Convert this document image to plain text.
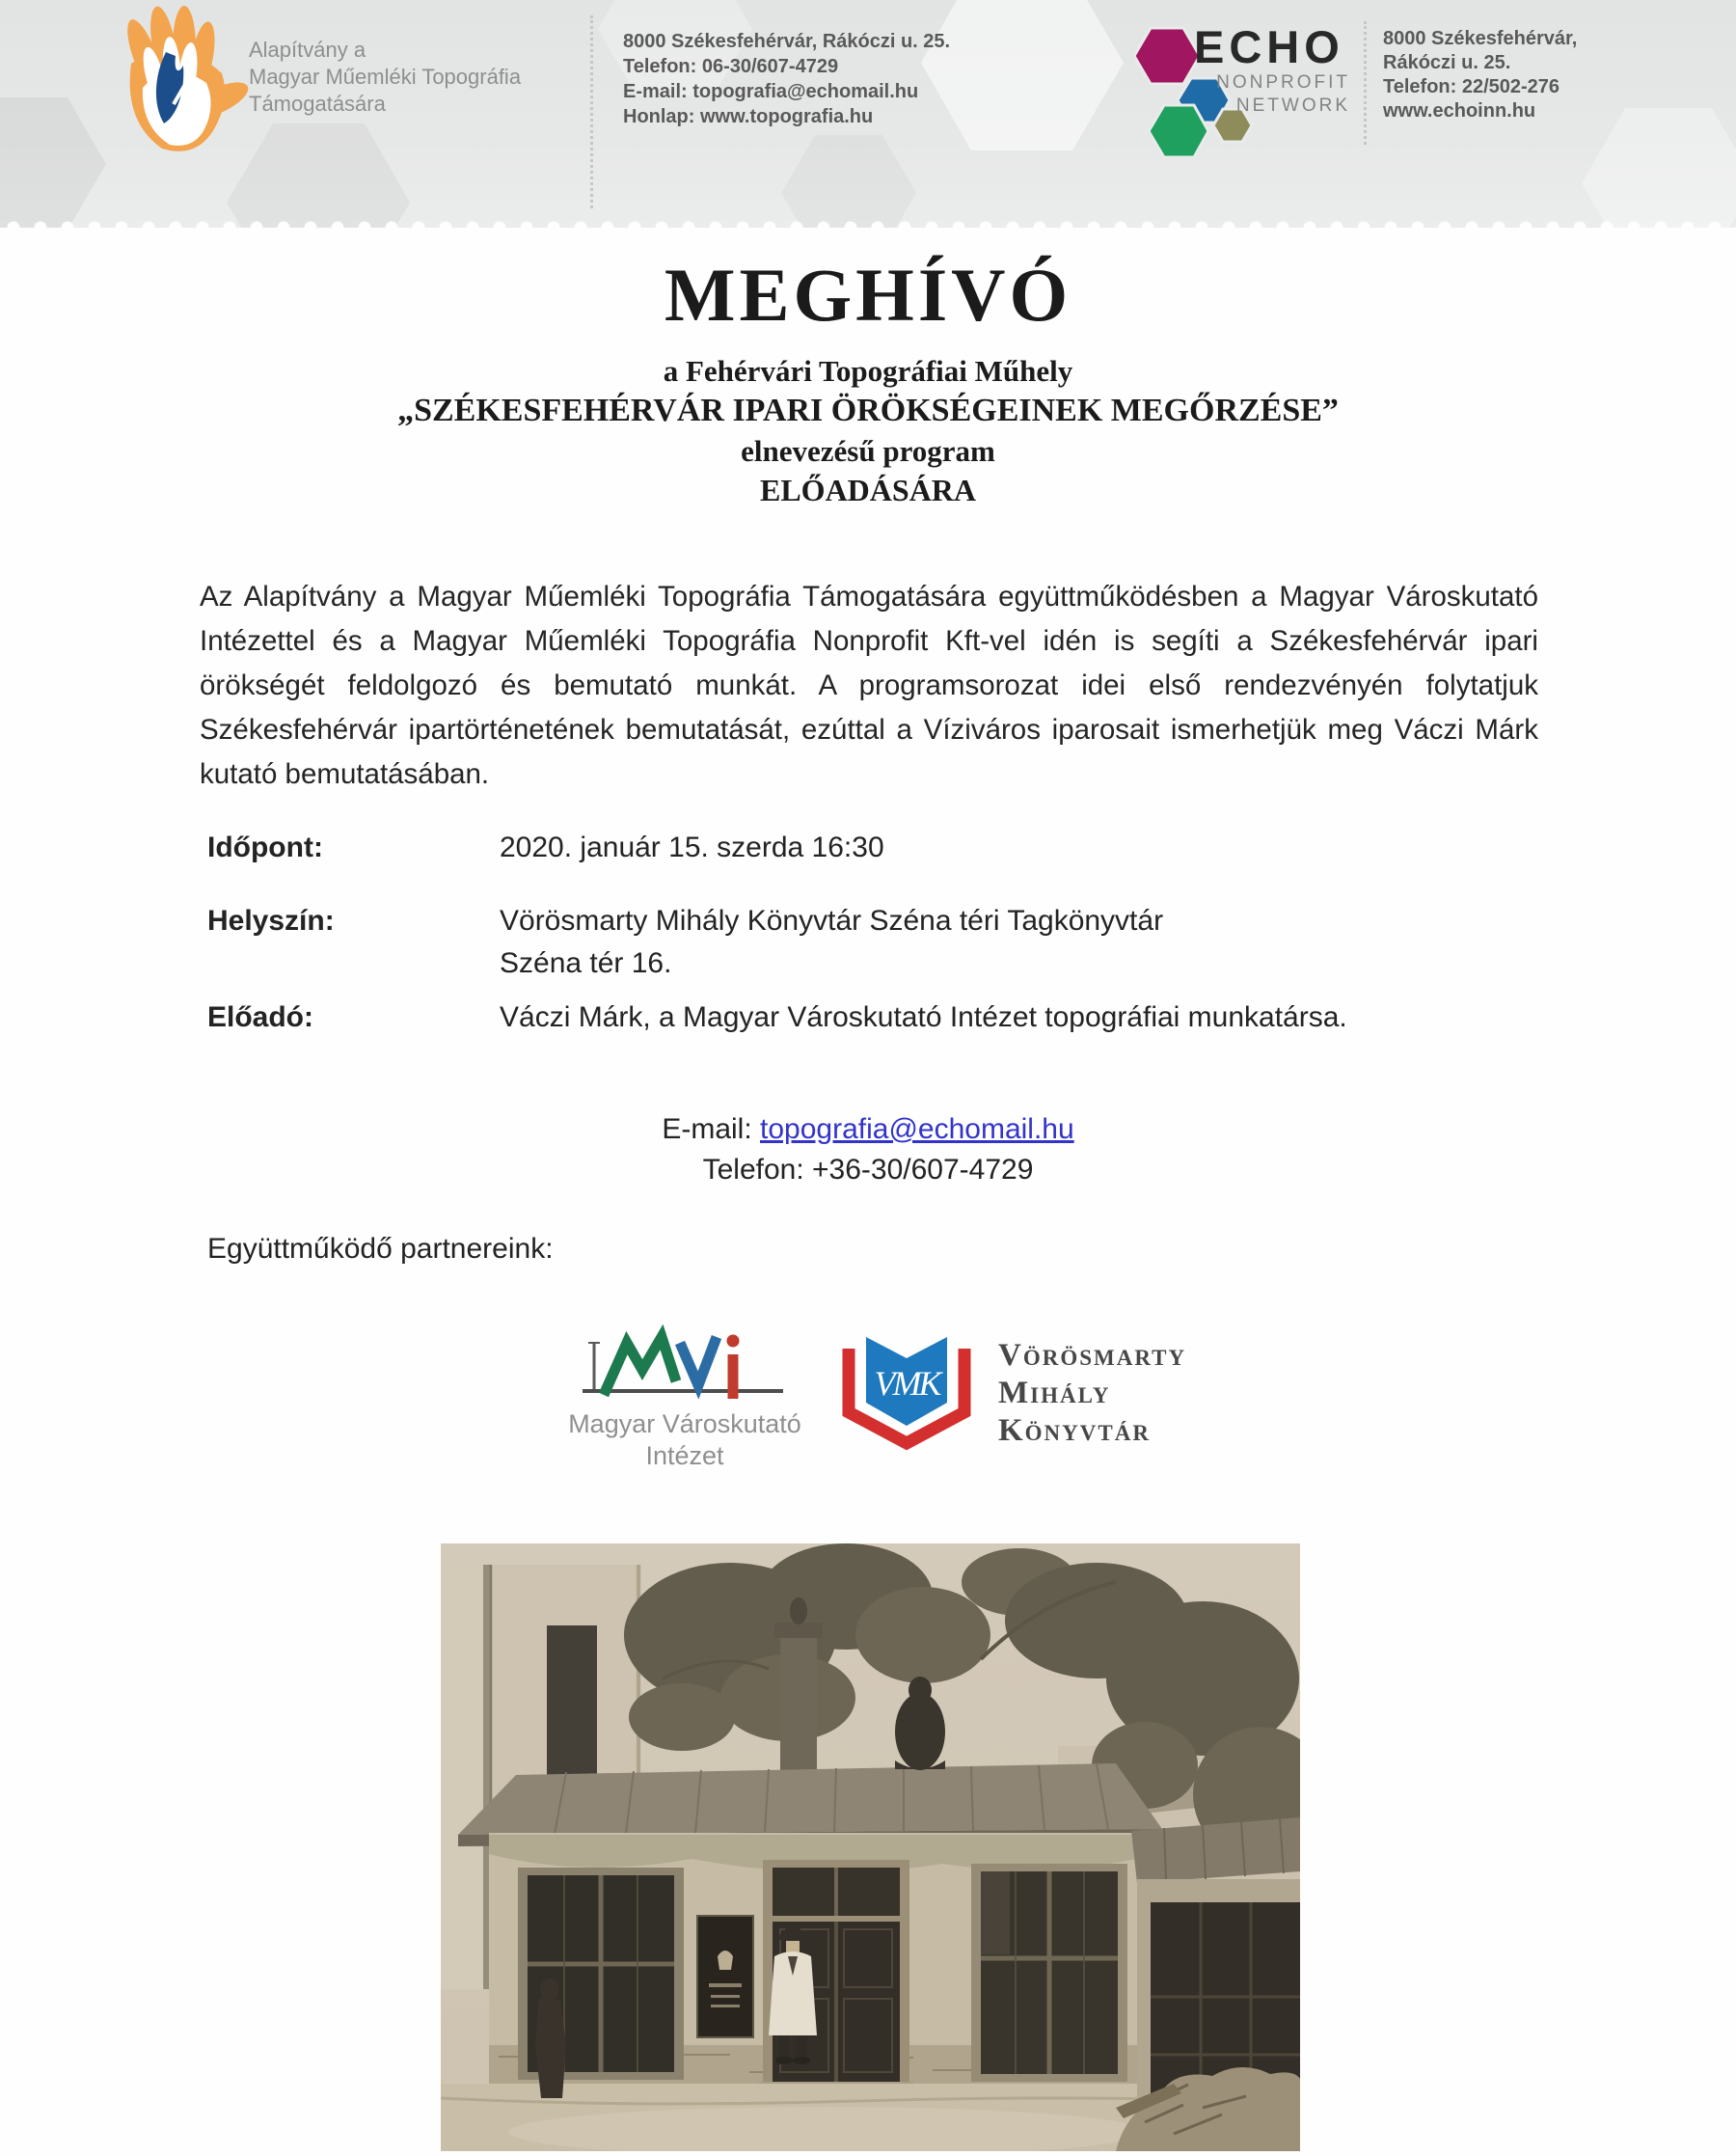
Alapítvány a
Magyar Műemléki Topográfia
Támogatására
8000 Székesfehérvár, Rákóczi u. 25.
Telefon: 06-30/607-4729
E-mail: topografia@echomail.hu
Honlap: www.topografia.hu
ECHO
NONPROFIT
NETWORK
8000 Székesfehérvár,
Rákóczi u. 25.
Telefon: 22/502-276
www.echoinn.hu
MEGHÍVÓ
a Fehérvári Topográfiai Műhely
„SZÉKESFEHÉRVÁR IPARI ÖRÖKSÉGEINEK MEGŐRZÉSE”
elnevezésű program
ELŐADÁSÁRA
Az Alapítvány a Magyar Műemléki Topográfia Támogatására együttműködésben a Magyar Városkutató Intézettel és a Magyar Műemléki Topográfia Nonprofit Kft-vel idén is segíti a Székesfehérvár ipari örökségét feldolgozó és bemutató munkát. A programsorozat idei első rendezvényén folytatjuk Székesfehérvár ipartörténetének bemutatását, ezúttal a Víziváros iparosait ismerhetjük meg Váczi Márk kutató bemutatásában.
Időpont:	2020. január 15. szerda 16:30
Helyszín:	Vörösmarty Mihály Könyvtár Széna téri Tagkönyvtár
Széna tér 16.
Előadó:	Váczi Márk, a Magyar Városkutató Intézet topográfiai munkatársa.
E-mail: topografia@echomail.hu
Telefon: +36-30/607-4729
Együttműködő partnereink:
Magyar Városkutató
Intézet
VMK
Vörösmarty
Mihály
Könyvtár
